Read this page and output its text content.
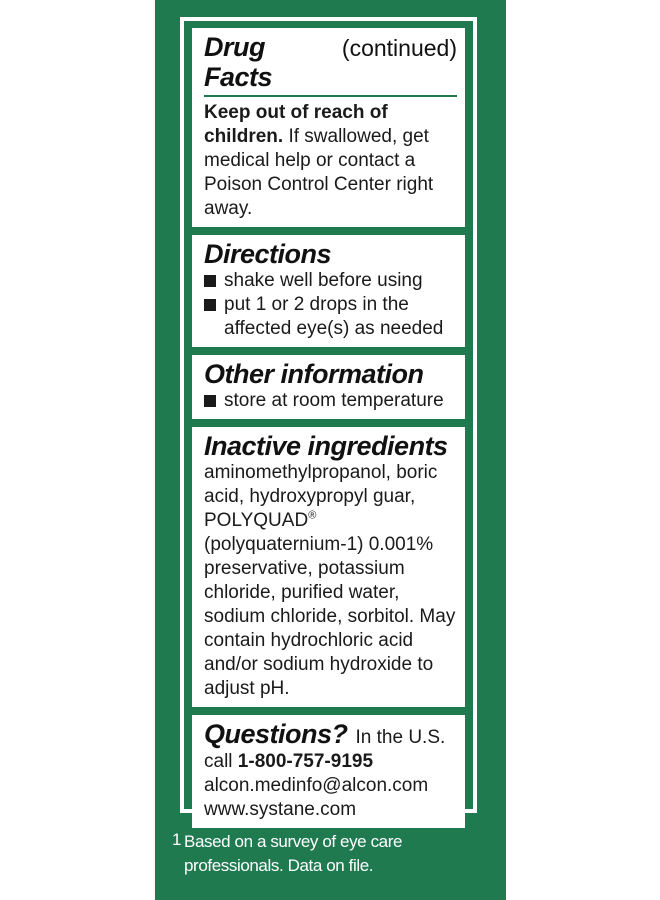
Drug Facts
(continued)
Keep out of reach of children. If swallowed, get medical help or contact a Poison Control Center right away.
Directions
shake well before using
put 1 or 2 drops in the affected eye(s) as needed
Other information
store at room temperature
Inactive ingredients
aminomethylpropanol, boric acid, hydroxypropyl guar, POLYQUAD® (polyquaternium-1) 0.001% preservative, potassium chloride, purified water, sodium chloride, sorbitol. May contain hydrochloric acid and/or sodium hydroxide to adjust pH.
Questions? In the U.S.
call 1-800-757-9195
alcon.medinfo@alcon.com
www.systane.com
1 Based on a survey of eye care professionals. Data on file.
